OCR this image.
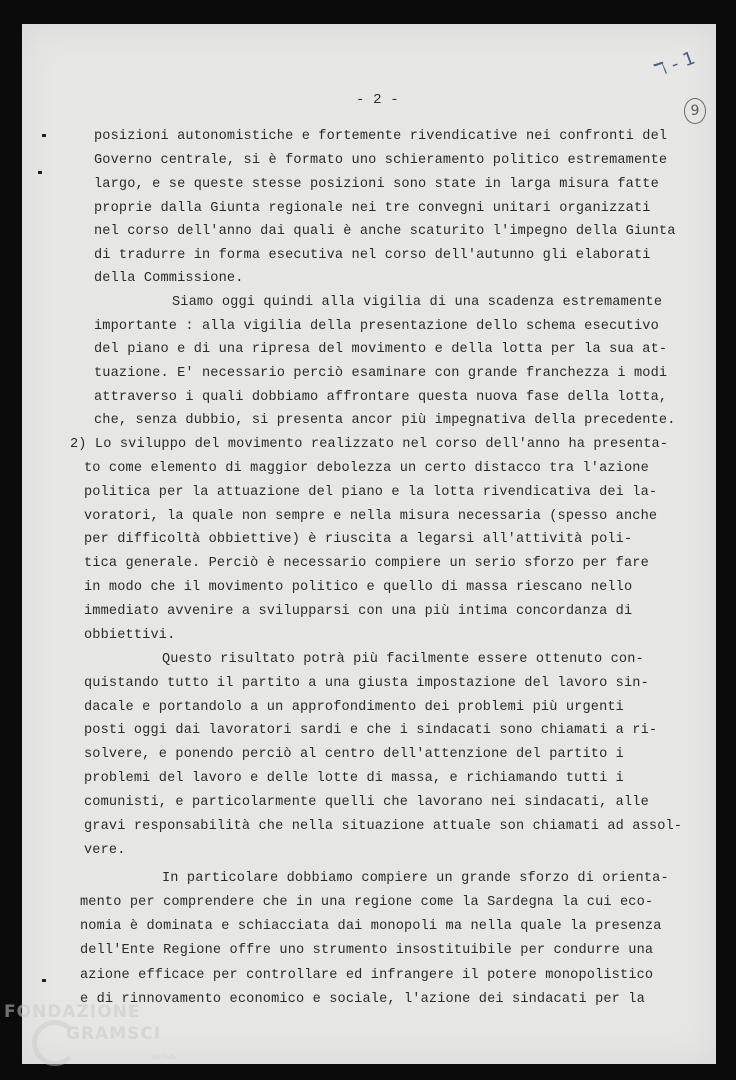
- 2 -
ℸ - 1
9
posizioni autonomistiche e fortemente rivendicative nei confronti del
Governo centrale, si è formato uno schieramento politico estremamente
largo, e se queste stesse posizioni sono state in larga misura fatte
proprie dalla Giunta regionale nei tre convegni unitari organizzati
nel corso dell'anno dai quali è anche scaturito l'impegno della Giunta
di tradurre in forma esecutiva nel corso dell'autunno gli elaborati
della Commissione.
Siamo oggi quindi alla vigilia di una scadenza estremamente
importante : alla vigilia della presentazione dello schema esecutivo
del piano e di una ripresa del movimento e della lotta per la sua at-
tuazione. E' necessario perciò esaminare con grande franchezza i modi
attraverso i quali dobbiamo affrontare questa nuova fase della lotta,
che, senza dubbio, si presenta ancor più impegnativa della precedente.
2) Lo sviluppo del movimento realizzato nel corso dell'anno ha presenta-
to come elemento di maggior debolezza un certo distacco tra l'azione
politica per la attuazione del piano e la lotta rivendicativa dei la-
voratori, la quale non sempre e nella misura necessaria (spesso anche
per difficoltà obbiettive) è riuscita a legarsi all'attività poli-
tica generale. Perciò è necessario compiere un serio sforzo per fare
in modo che il movimento politico e quello di massa riescano nello
immediato avvenire a svilupparsi con una più intima concordanza di
obbiettivi.
Questo risultato potrà più facilmente essere ottenuto con-
quistando tutto il partito a una giusta impostazione del lavoro sin-
dacale e portandolo a un approfondimento dei problemi più urgenti
posti oggi dai lavoratori sardi e che i sindacati sono chiamati a ri-
solvere, e ponendo perciò al centro dell'attenzione del partito i
problemi del lavoro e delle lotte di massa, e richiamando tutti i
comunisti, e particolarmente quelli che lavorano nei sindacati, alle
gravi responsabilità che nella situazione attuale son chiamati ad assol-
vere.
In particolare dobbiamo compiere un grande sforzo di orienta-
mento per comprendere che in una regione come la Sardegna la cui eco-
nomia è dominata e schiacciata dai monopoli ma nella quale la presenza
dell'Ente Regione offre uno strumento insostituibile per condurre una
azione efficace per controllare ed infrangere il potere monopolistico
e di rinnovamento economico e sociale, l'azione dei sindacati per la
FONDAZIONE
GRAMSCI
onlus
